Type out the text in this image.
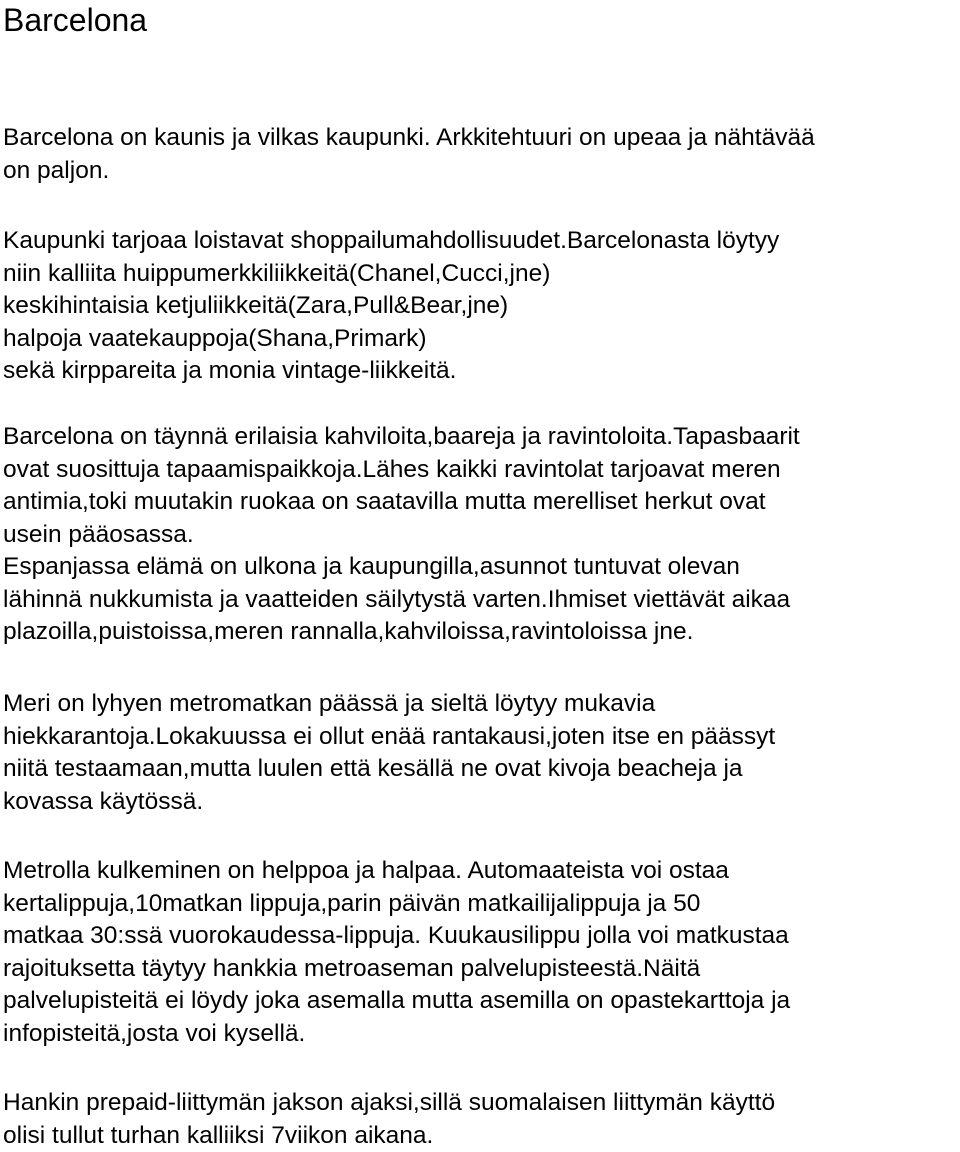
Barcelona
Barcelona on kaunis ja vilkas kaupunki. Arkkitehtuuri on upeaa ja nähtävää
on paljon.
Kaupunki tarjoaa loistavat shoppailumahdollisuudet.Barcelonasta löytyy
niin kalliita huippumerkkiliikkeitä(Chanel,Cucci,jne)
keskihintaisia ketjuliikkeitä(Zara,Pull&Bear,jne)
halpoja vaatekauppoja(Shana,Primark)
sekä kirppareita ja monia vintage-liikkeitä.
Barcelona on täynnä erilaisia kahviloita,baareja ja ravintoloita.Tapasbaarit
ovat suosittuja tapaamispaikkoja.Lähes kaikki ravintolat tarjoavat meren
antimia,toki muutakin ruokaa on saatavilla mutta merelliset herkut ovat
usein pääosassa.
Espanjassa elämä on ulkona ja kaupungilla,asunnot tuntuvat olevan
lähinnä nukkumista ja vaatteiden säilytystä varten.Ihmiset viettävät aikaa
plazoilla,puistoissa,meren rannalla,kahviloissa,ravintoloissa jne.
Meri on lyhyen metromatkan päässä ja sieltä löytyy mukavia
hiekkarantoja.Lokakuussa ei ollut enää rantakausi,joten itse en päässyt
niitä testaamaan,mutta luulen että kesällä ne ovat kivoja beacheja ja
kovassa käytössä.
Metrolla kulkeminen on helppoa ja halpaa. Automaateista voi ostaa
kertalippuja,10matkan lippuja,parin päivän matkailijalippuja ja 50
matkaa 30:ssä vuorokaudessa-lippuja. Kuukausilippu jolla voi matkustaa
rajoituksetta täytyy hankkia metroaseman palvelupisteestä.Näitä
palvelupisteitä ei löydy joka asemalla mutta asemilla on opastekarttoja ja
infopisteitä,josta voi kysellä.
Hankin prepaid-liittymän jakson ajaksi,sillä suomalaisen liittymän käyttö
olisi tullut turhan kalliiksi 7viikon aikana.
